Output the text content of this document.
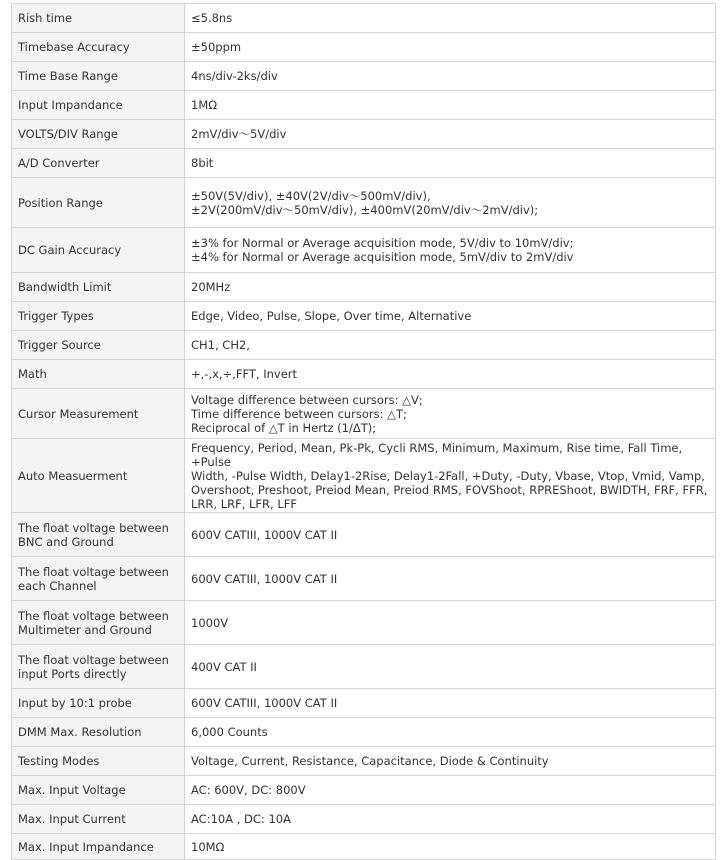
Rish time	≤5.8ns

Timebase Accuracy	±50ppm

Time Base Range	4ns/div-2ks/div

Input Impandance	1MΩ

VOLTS/DIV Range	2mV/div～5V/div

A/D Converter	8bit

Position Range	±50V(5V/div), ±40V(2V/div～500mV/div),
±2V(200mV/div～50mV/div), ±400mV(20mV/div～2mV/div);

DC Gain Accuracy	±3% for Normal or Average acquisition mode, 5V/div to 10mV/div;
±4% for Normal or Average acquisition mode, 5mV/div to 2mV/div

Bandwidth Limit	20MHz

Trigger Types	Edge, Video, Pulse, Slope, Over time, Alternative

Trigger Source	CH1, CH2,

Math	+,-,x,÷,FFT, Invert

Cursor Measurement	Voltage difference between cursors: △V;
Time difference between cursors: △T;
Reciprocal of △T in Hertz (1/ΔT);

Auto Measuerment	Frequency, Period, Mean, Pk-Pk, Cycli RMS, Minimum, Maximum, Rise time, Fall Time, +Pulse
Width, -Pulse Width, Delay1-2Rise, Delay1-2Fall, +Duty, -Duty, Vbase, Vtop, Vmid, Vamp,
Overshoot, Preshoot, Preiod Mean, Preiod RMS, FOVShoot, RPREShoot, BWIDTH, FRF, FFR,
LRR, LRF, LFR, LFF

The float voltage between BNC and Ground	600V CATIII, 1000V CAT II

The float voltage between each Channel	600V CATIII, 1000V CAT II

The float voltage between Multimeter and Ground	1000V

The float voltage between input Ports directly	400V CAT II

Input by 10:1 probe	600V CATIII, 1000V CAT II

DMM Max. Resolution	6,000 Counts

Testing Modes	Voltage, Current, Resistance, Capacitance, Diode & Continuity

Max. Input Voltage	AC: 600V, DC: 800V

Max. Input Current	AC:10A , DC: 10A

Max. Input Impandance	10MΩ
